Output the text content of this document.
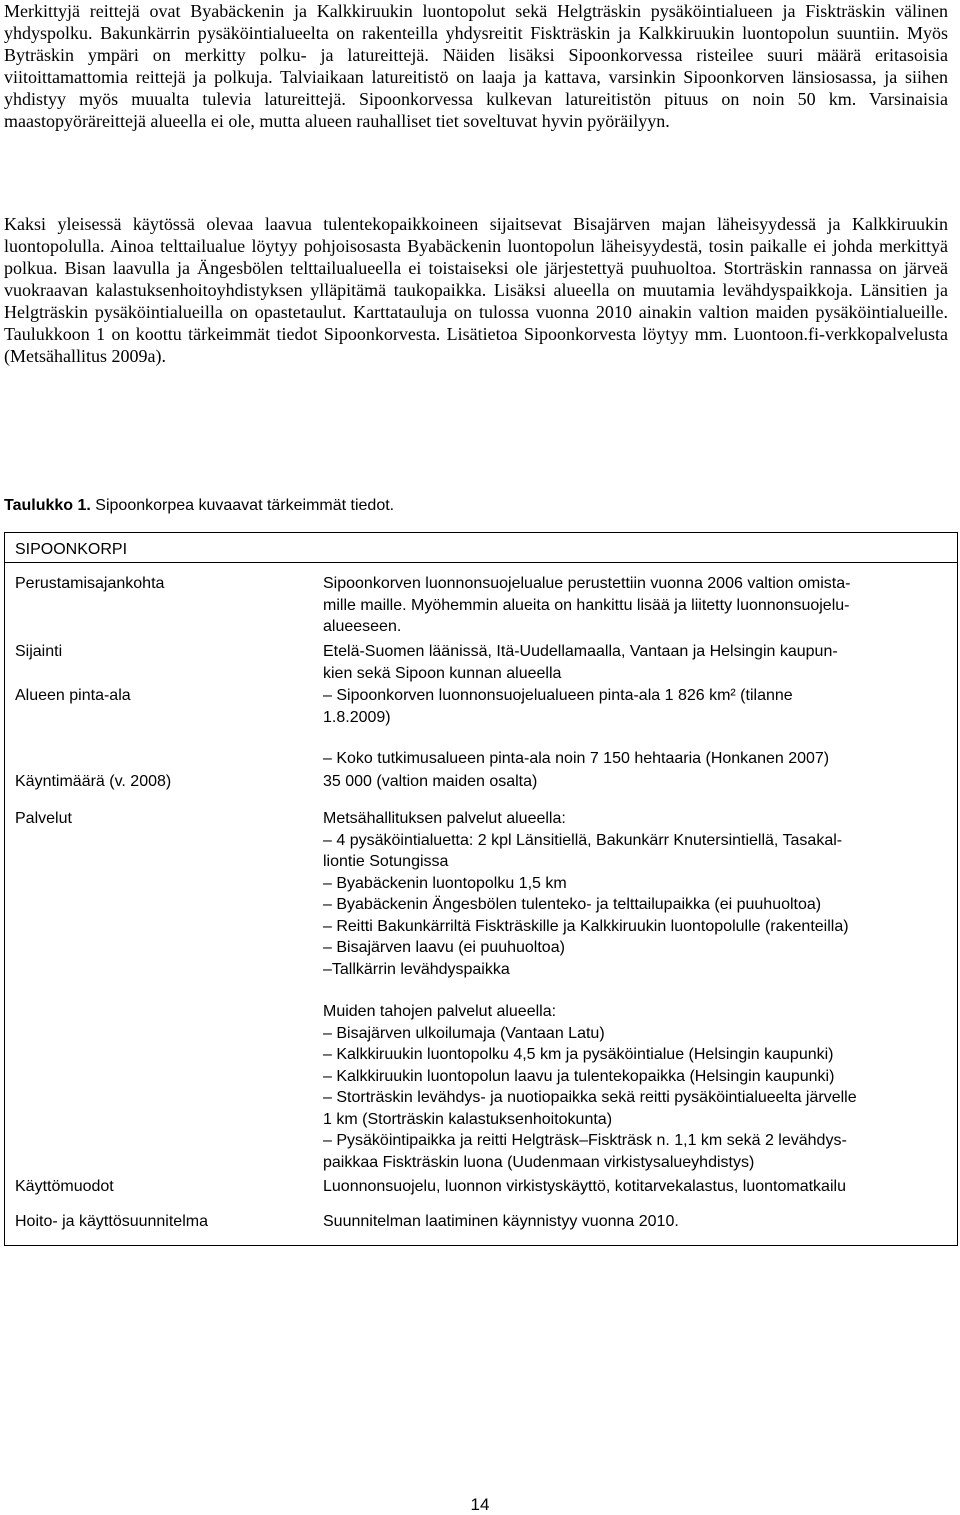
Merkittyjä reittejä ovat Byabäckenin ja Kalkkiruukin luontopolut sekä Helgträskin pysäköintialueen ja Fiskträskin välinen yhdyspolku. Bakunkärrin pysäköintialueelta on rakenteilla yhdysreitit Fiskträskin ja Kalkkiruukin luontopolun suuntiin. Myös Byträskin ympäri on merkitty polku- ja latureittejä. Näiden lisäksi Sipoonkorvessa risteilee suuri määrä eritasoisia viitoittamattomia reittejä ja polkuja. Talviaikaan latureitistö on laaja ja kattava, varsinkin Sipoonkorven länsiosassa, ja siihen yhdistyy myös muualta tulevia latureittejä. Sipoonkorvessa kulkevan latureitistön pituus on noin 50 km. Varsinaisia maastopyöräreittejä alueella ei ole, mutta alueen rauhalliset tiet soveltuvat hyvin pyöräilyyn.

Kaksi yleisessä käytössä olevaa laavua tulentekopaikkoineen sijaitsevat Bisajärven majan läheisyydessä ja Kalkkiruukin luontopolulla. Ainoa telttailualue löytyy pohjoisosasta Byabäckenin luontopolun läheisyydestä, tosin paikalle ei johda merkittyä polkua. Bisan laavulla ja Ängesbölen telttailualueella ei toistaiseksi ole järjestettyä puuhuoltoa. Storträskin rannassa on järveä vuokraavan kalastuksenhoitoyhdistyksen ylläpitämä taukopaikka. Lisäksi alueella on muutamia levähdyspaikkoja. Länsitien ja Helgträskin pysäköintialueilla on opastetaulut. Karttatauluja on tulossa vuonna 2010 ainakin valtion maiden pysäköintialueille. Taulukkoon 1 on koottu tärkeimmät tiedot Sipoonkorvesta. Lisätietoa Sipoonkorvesta löytyy mm. Luontoon.fi-verkkopalvelusta (Metsähallitus 2009a).

Taulukko 1. Sipoonkorpea kuvaavat tärkeimmät tiedot.
SIPOONKORPI
Perustamisajankohta	Sipoonkorven luonnonsuojelualue perustettiin vuonna 2006 valtion omista-
mille maille. Myöhemmin alueita on hankittu lisää ja liitetty luonnonsuojelu-
alueeseen.
Sijainti	Etelä-Suomen läänissä, Itä-Uudellamaalla, Vantaan ja Helsingin kaupun-
kien sekä Sipoon kunnan alueella
Alueen pinta-ala	– Sipoonkorven luonnonsuojelualueen pinta-ala 1 826 km² (tilanne
1.8.2009)
– Koko tutkimusalueen pinta-ala noin 7 150 hehtaaria (Honkanen 2007)
Käyntimäärä (v. 2008)	35 000 (valtion maiden osalta)
Palvelut	Metsähallituksen palvelut alueella:
– 4 pysäköintialuetta: 2 kpl Länsitiellä, Bakunkärr Knutersintiellä, Tasakal-
liontie Sotungissa
– Byabäckenin luontopolku 1,5 km
– Byabäckenin Ängesbölen tulenteko- ja telttailupaikka (ei puuhuoltoa)
– Reitti Bakunkärriltä Fiskträskille ja Kalkkiruukin luontopolulle (rakenteilla)
– Bisajärven laavu (ei puuhuoltoa)
–Tallkärrin levähdyspaikka
Muiden tahojen palvelut alueella:
– Bisajärven ulkoilumaja (Vantaan Latu)
– Kalkkiruukin luontopolku 4,5 km ja pysäköintialue (Helsingin kaupunki)
– Kalkkiruukin luontopolun laavu ja tulentekopaikka (Helsingin kaupunki)
– Storträskin levähdys- ja nuotiopaikka sekä reitti pysäköintialueelta järvelle
1 km (Storträskin kalastuksenhoitokunta)
– Pysäköintipaikka ja reitti Helgträsk–Fiskträsk n. 1,1 km sekä 2 levähdys-
paikkaa Fiskträskin luona (Uudenmaan virkistysalueyhdistys)
Käyttömuodot	Luonnonsuojelu, luonnon virkistyskäyttö, kotitarvekalastus, luontomatkailu
Hoito- ja käyttösuunnitelma	Suunnitelman laatiminen käynnistyy vuonna 2010.
14
